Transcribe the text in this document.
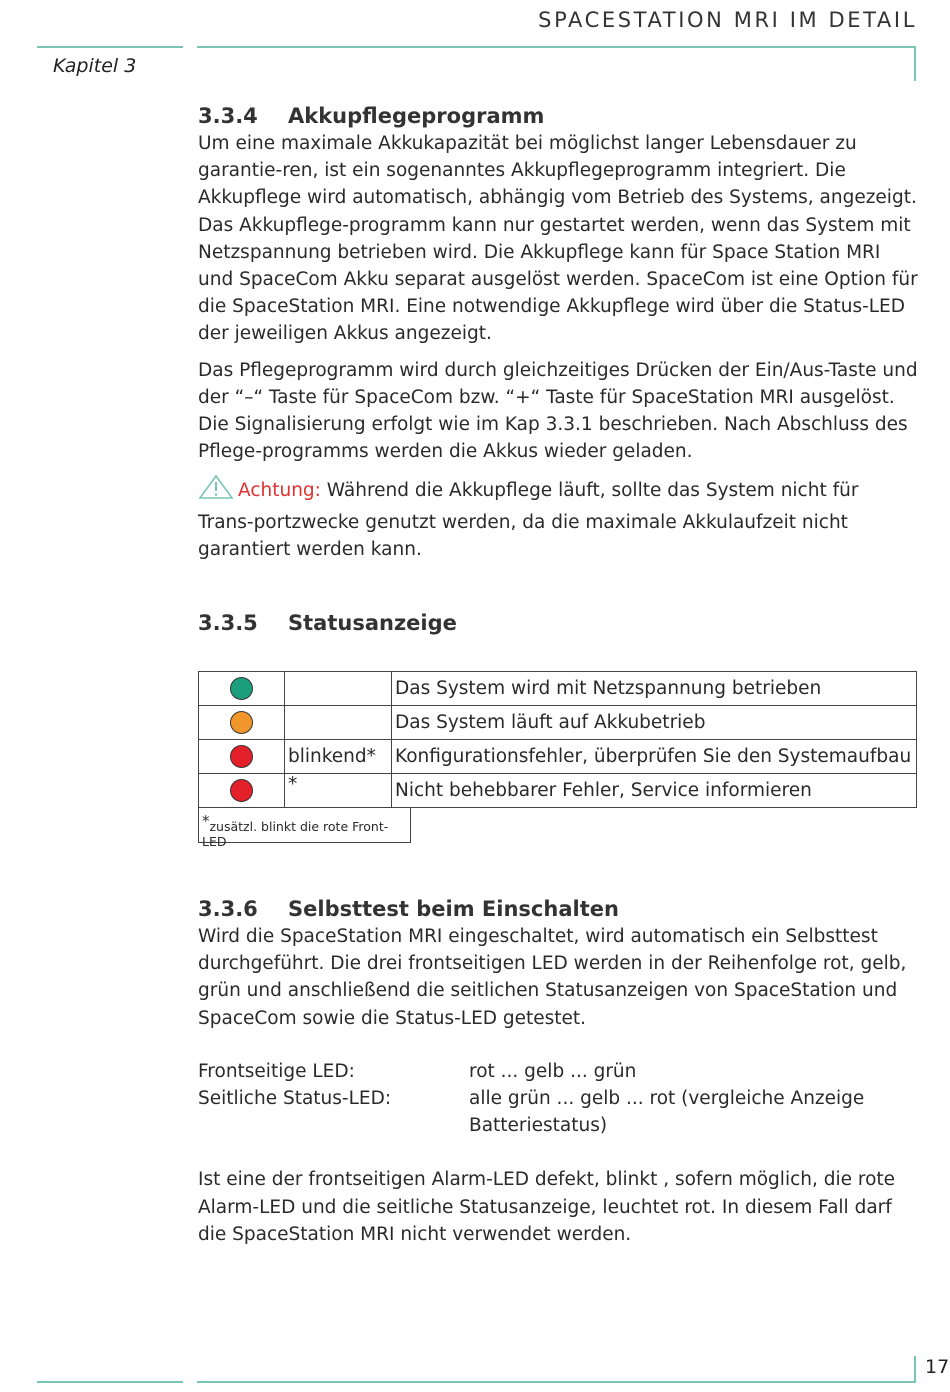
SPACESTATION MRI IM DETAIL
Kapitel 3
3.3.4	Akkupflegeprogramm

Um eine maximale Akkukapazität bei möglichst langer Lebensdauer zu garantie-ren, ist ein sogenanntes Akkupflegeprogramm integriert. Die Akkupflege wird automatisch, abhängig vom Betrieb des Systems, angezeigt. Das Akkupflege-programm kann nur gestartet werden, wenn das System mit Netzspannung betrieben wird. Die Akkupflege kann für Space Station MRI und SpaceCom Akku separat ausgelöst werden. SpaceCom ist eine Option für die SpaceStation MRI. Eine notwendige Akkupflege wird über die Status-LED der jeweiligen Akkus angezeigt.

Das Pflegeprogramm wird durch gleichzeitiges Drücken der Ein/Aus-Taste und der “–“ Taste für SpaceCom bzw. “+“ Taste für SpaceStation MRI ausgelöst. Die Signalisierung erfolgt wie im Kap 3.3.1 beschrieben. Nach Abschluss des Pflege-programms werden die Akkus wieder geladen.

Achtung: Während die Akkupflege läuft, sollte das System nicht für Trans-portzwecke genutzt werden, da die maximale Akkulaufzeit nicht garantiert werden kann.

3.3.5	Statusanzeige
		Das System wird mit Netzspannung betrieben
		Das System läuft auf Akkubetrieb
	blinkend*	Konfigurationsfehler, überprüfen Sie den Systemaufbau
	*	Nicht behebbarer Fehler, Service informieren
*zusätzl. blinkt die rote Front-LED
3.3.6	Selbsttest beim Einschalten

Wird die SpaceStation MRI eingeschaltet, wird automatisch ein Selbsttest durchgeführt. Die drei frontseitigen LED werden in der Reihenfolge rot, gelb, grün und anschließend die seitlichen Statusanzeigen von SpaceStation und SpaceCom sowie die Status-LED getestet.

Frontseitige LED:	rot ... gelb ... grün
Seitliche Status-LED:	alle grün ... gelb ... rot (vergleiche Anzeige Batteriestatus)

Ist eine der frontseitigen Alarm-LED defekt, blinkt , sofern möglich, die rote Alarm-LED und die seitliche Statusanzeige, leuchtet rot. In diesem Fall darf die SpaceStation MRI nicht verwendet werden.

17
